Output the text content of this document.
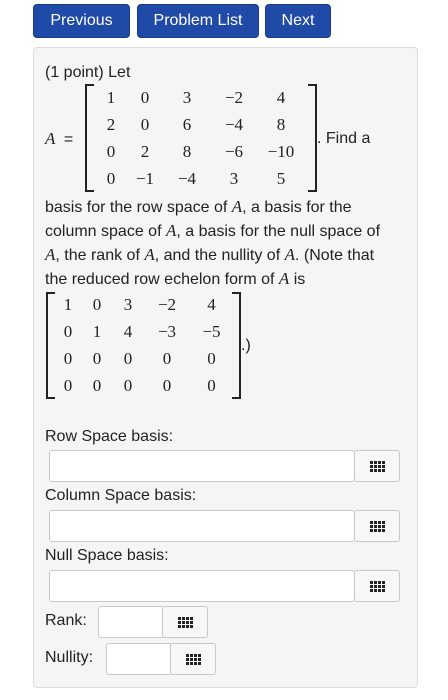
Previous	Problem List	Next
(1 point) Let
A =
1	0	3	−2	4
2	0	6	−4	8
0	2	8	−6	−10
0	−1	−4	3	5
. Find a
basis for the row space of A, a basis for the
column space of A, a basis for the null space of
A, the rank of A, and the nullity of A. (Note that
the reduced row echelon form of A is
1	0	3	−2	4
0	1	4	−3	−5
0	0	0	0	0
0	0	0	0	0
.)
Row Space basis:
Column Space basis:
Null Space basis:
Rank:
Nullity:
